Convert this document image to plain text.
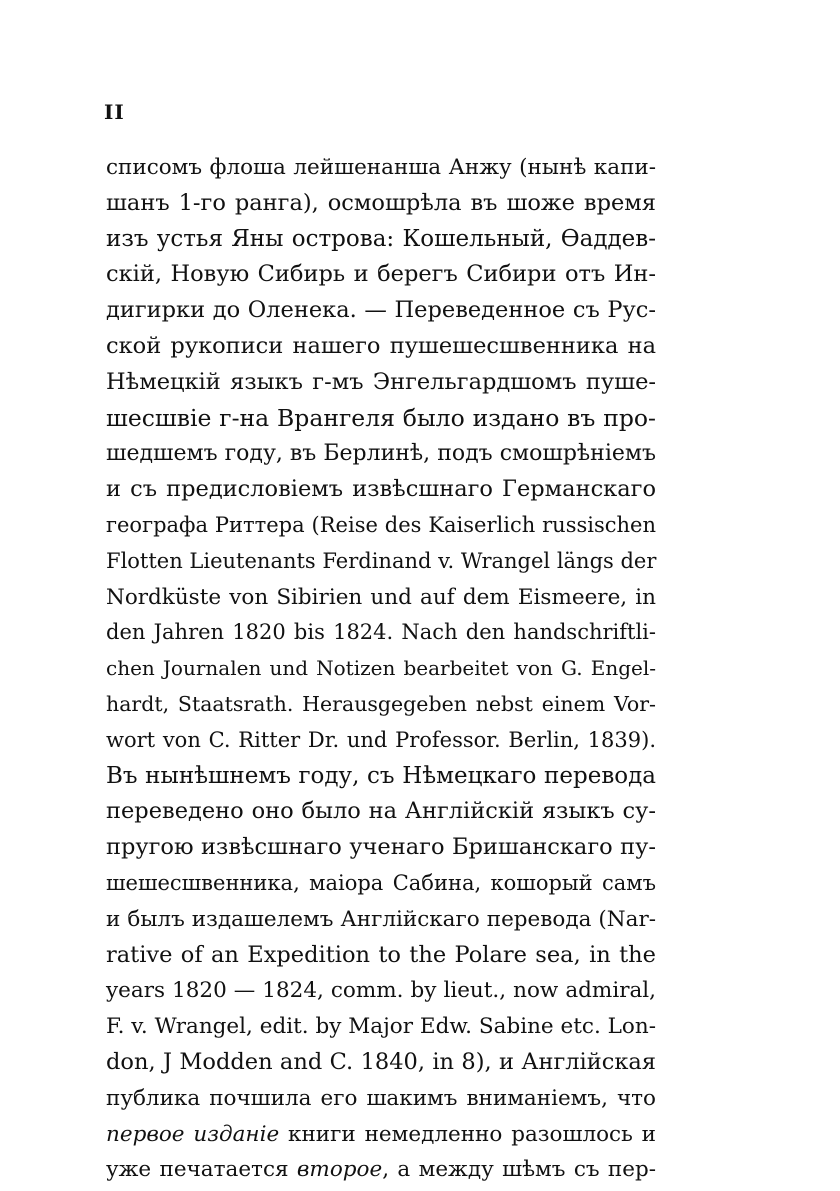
II
списомъ флоша лейшенанша Анжу (нынѣ капи-
шанъ 1-го ранга), осмошрѣла въ шоже время
изъ устья Яны острова: Кошельный, Ѳаддев-
скій, Новую Сибирь и берегъ Сибири отъ Ин-
дигирки до Оленека. — Переведенное съ Рус-
ской рукописи нашего пушешесшвенника на
Нѣмецкій языкъ г-мъ Энгельгардшомъ пуше-
шесшвіе г-на Врангеля было издано въ про-
шедшемъ году, въ Берлинѣ, подъ смошрѣніемъ
и съ предисловіемъ извѣсшнаго Германскаго
географа Риттера (Reise des Kaiserlich russischen
Flotten Lieutenants Ferdinand v. Wrangel längs der
Nordküste von Sibirien und auf dem Eismeere, in
den Jahren 1820 bis 1824. Nach den handschriftli-
chen Journalen und Notizen bearbeitet von G. Engel-
hardt, Staatsrath. Herausgegeben nebst einem Vor-
wort von C. Ritter Dr. und Professor. Berlin, 1839).
Въ нынѣшнемъ году, съ Нѣмецкаго перевода
переведено оно было на Англійскій языкъ су-
пругою извѣсшнаго ученаго Бришанскаго пу-
шешесшвенника, маіора Сабина, кошорый самъ
и былъ издашелемъ Англійскаго перевода (Nar-
rative of an Expedition to the Polare sea, in the
years 1820 — 1824, comm. by lieut., now admiral,
F. v. Wrangel, edit. by Major Edw. Sabine etc. Lon-
don, J Modden and C. 1840, in 8), и Англійская
публика почшила его шакимъ вниманіемъ, что
первое изданіе книги немедленно разошлось и
уже печатается второе, а между шѣмъ съ пер-
